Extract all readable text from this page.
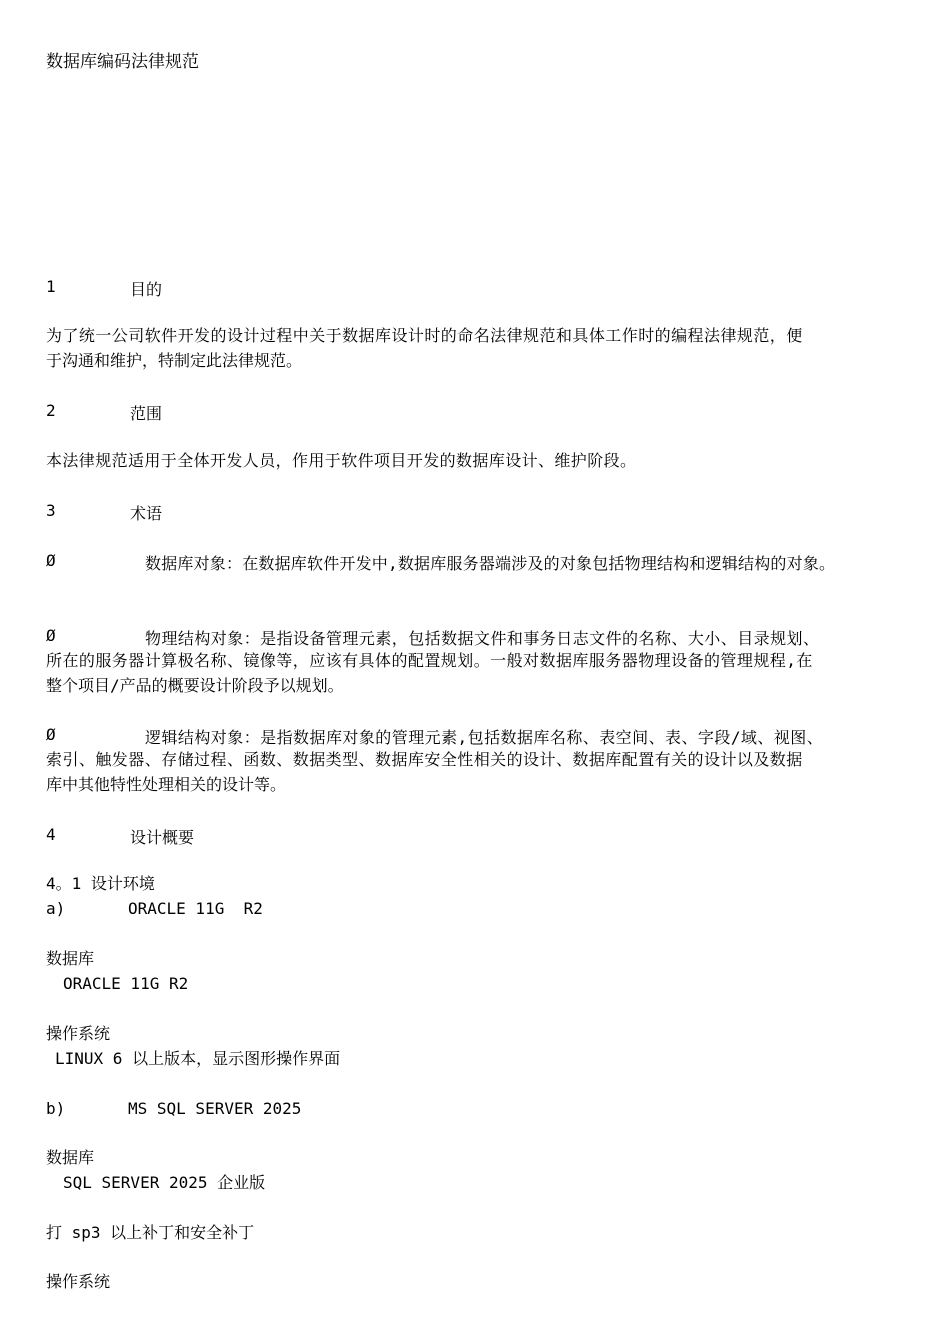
数据库编码法律规范
1	目的
为了统一公司软件开发的设计过程中关于数据库设计时的命名法律规范和具体工作时的编程法律规范，便
于沟通和维护，特制定此法律规范。
2	范围
本法律规范适用于全体开发人员，作用于软件项目开发的数据库设计、维护阶段。
3	术语
Ø	数据库对象：在数据库软件开发中,数据库服务器端涉及的对象包括物理结构和逻辑结构的对象。
Ø	物理结构对象：是指设备管理元素，包括数据文件和事务日志文件的名称、大小、目录规划、
所在的服务器计算极名称、镜像等，应该有具体的配置规划。一般对数据库服务器物理设备的管理规程,在
整个项目/产品的概要设计阶段予以规划。
Ø	逻辑结构对象：是指数据库对象的管理元素,包括数据库名称、表空间、表、字段/域、视图、
索引、触发器、存储过程、函数、数据类型、数据库安全性相关的设计、数据库配置有关的设计以及数据
库中其他特性处理相关的设计等。
4	设计概要
4。1 设计环境
a)	ORACLE 11G  R2
数据库
ORACLE 11G R2
操作系统
LINUX 6 以上版本，显示图形操作界面
b)	MS SQL SERVER 2025
数据库
SQL SERVER 2025 企业版
打 sp3 以上补丁和安全补丁
操作系统
